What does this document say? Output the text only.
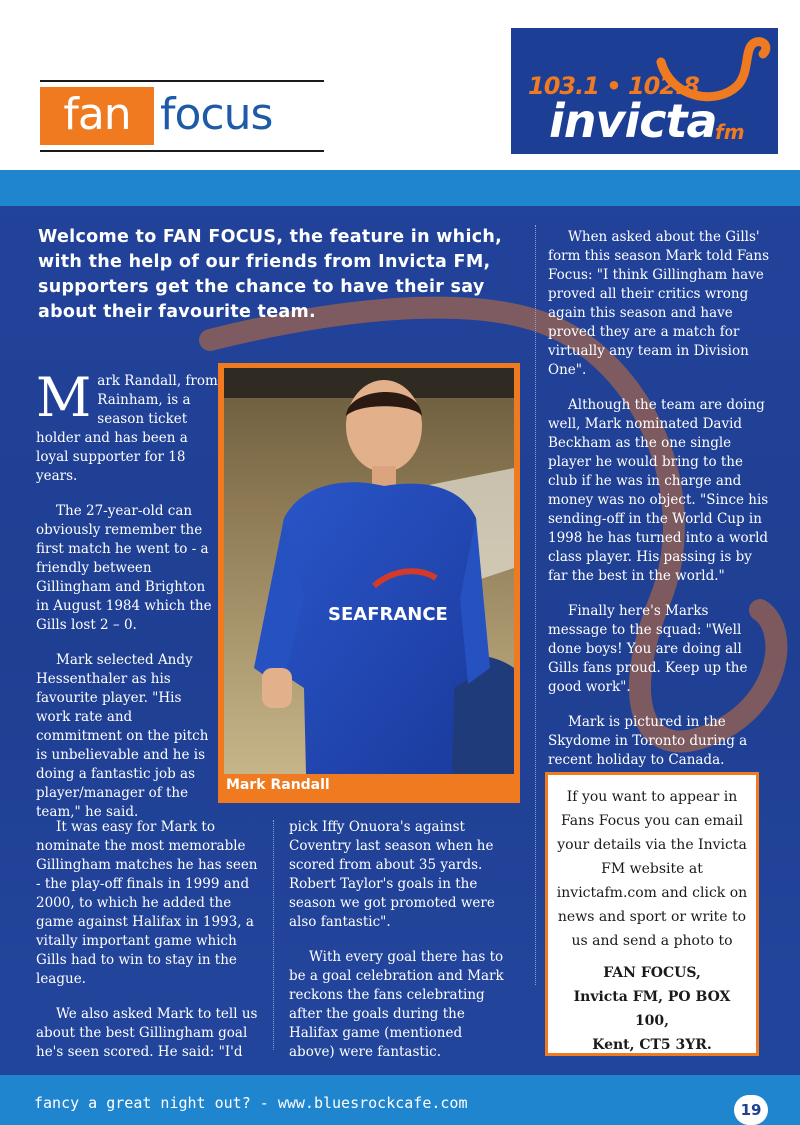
fan focus
103.1 • 102.8
invicta
fm
Welcome to FAN FOCUS, the feature in which, with the help of our friends from Invicta FM, supporters get the chance to have their say about their favourite team.

Mark Randall, from Rainham, is a season ticket holder and has been a loyal supporter for 18 years.

The 27-year-old can obviously remember the first match he went to - a friendly between Gillingham and Brighton in August 1984 which the Gills lost 2 – 0.

Mark selected Andy Hessenthaler as his favourite player. "His work rate and commitment on the pitch is unbelievable and he is doing a fantastic job as player/manager of the team," he said.

It was easy for Mark to nominate the most memorable Gillingham matches he has seen - the play-off finals in 1999 and 2000, to which he added the game against Halifax in 1993, a vitally important game which Gills had to win to stay in the league.

We also asked Mark to tell us about the best Gillingham goal he's seen scored. He said: "I'd

pick Iffy Onuora's against Coventry last season when he scored from about 35 yards. Robert Taylor's goals in the season we got promoted were also fantastic".

With every goal there has to be a goal celebration and Mark reckons the fans celebrating after the goals during the Halifax game (mentioned above) were fantastic.

When asked about the Gills' form this season Mark told Fans Focus: "I think Gillingham have proved all their critics wrong again this season and have proved they are a match for virtually any team in Division One".

Although the team are doing well, Mark nominated David Beckham as the one single player he would bring to the club if he was in charge and money was no object. "Since his sending-off in the World Cup in 1998 he has turned into a world class player. His passing is by far the best in the world."

Finally here's Marks message to the squad: "Well done boys! You are doing all Gills fans proud. Keep up the good work".

Mark is pictured in the Skydome in Toronto during a recent holiday to Canada.

SEAFRANCE
Mark Randall
If you want to appear in Fans Focus you can email your details via the Invicta FM website at invictafm.com and click on news and sport or write to us and send a photo to
FAN FOCUS,
Invicta FM, PO BOX 100,
Kent, CT5 3YR.
fancy a great night out? - www.bluesrockcafe.com	19
